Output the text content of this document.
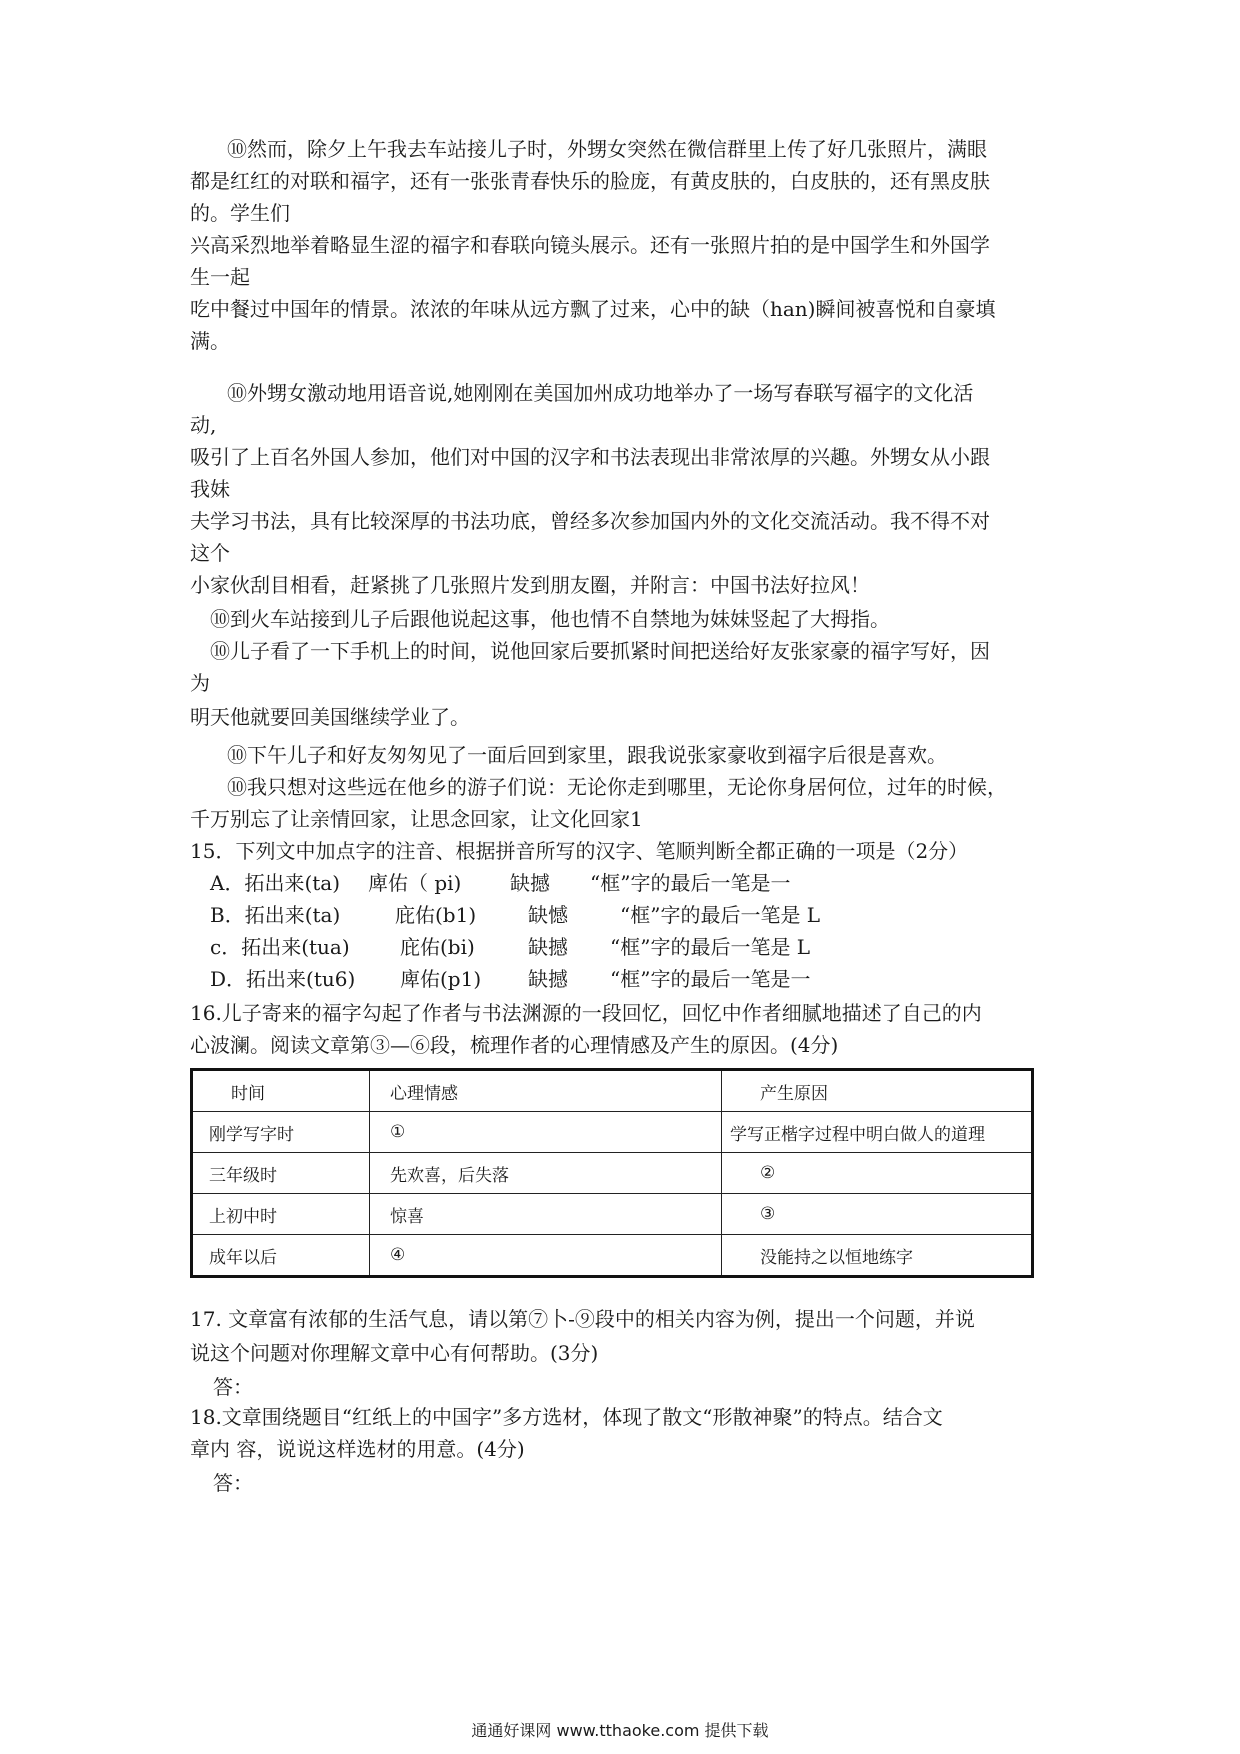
⑩然而，除夕上午我去车站接儿子时，外甥女突然在微信群里上传了好几张照片，满眼
都是红红的对联和福字，还有一张张青春快乐的脸庞，有黄皮肤的，白皮肤的，还有黑皮肤
的。学生们
兴高采烈地举着略显生涩的福字和春联向镜头展示。还有一张照片拍的是中国学生和外国学
生一起
吃中餐过中国年的情景。浓浓的年味从远方飘了过来，心中的缺（han)瞬间被喜悦和自豪填
满。
⑩外甥女激动地用语音说,她刚刚在美国加州成功地举办了一场写春联写福字的文化活
动,
吸引了上百名外国人参加，他们对中国的汉字和书法表现出非常浓厚的兴趣。外甥女从小跟
我妹
夫学习书法，具有比较深厚的书法功底，曾经多次参加国内外的文化交流活动。我不得不对
这个
小家伙刮目相看，赶紧挑了几张照片发到朋友圈，并附言：中国书法好拉风！
⑩到火车站接到儿子后跟他说起这事，他也情不自禁地为妹妹竖起了大拇指。
⑩儿子看了一下手机上的时间，说他回家后要抓紧时间把送给好友张家豪的福字写好，因
为
明天他就要回美国继续学业了。
⑩下午儿子和好友匆匆见了一面后回到家里，跟我说张家豪收到福字后很是喜欢。
⑩我只想对这些远在他乡的游子们说：无论你走到哪里，无论你身居何位，过年的时候，
千万别忘了让亲情回家，让思念回家，让文化回家1
15．下列文中加点字的注音、根据拼音所写的汉字、笔顺判断全都正确的一项是（2分）
A．拓出来(ta) 庳佑（ pi) 缺撼 “框”字的最后一笔是一
B．拓出来(ta)	庇佑(b1)	缺憾	“框”字的最后一笔是 L
c．拓出来(tua)	庇佑(bi)	缺撼 “框”字的最后一笔是 L
D．拓出来(tu6) 庳佑(p1) 缺撼 “框”字的最后一笔是一
16.儿子寄来的福字勾起了作者与书法渊源的一段回忆，回忆中作者细腻地描述了自己的内
心波澜。阅读文章第③—⑥段，梳理作者的心理情感及产生的原因。(4分)
时间	心理情感	产生原因
刚学写字时	①	学写正楷字过程中明白做人的道理
三年级时	先欢喜，后失落	②
上初中时	惊喜	③
成年以后	④	没能持之以恒地练字
17. 文章富有浓郁的生活气息，请以第⑦卜-⑨段中的相关内容为例，提出一个问题，并说
说这个问题对你理解文章中心有何帮助。(3分)
答：
18.文章围绕题目“红纸上的中国字”多方选材，体现了散文“形散神聚”的特点。结合文
章内 容，说说这样选材的用意。(4分)
答：
通通好课网 www.tthaoke.com 提供下载
